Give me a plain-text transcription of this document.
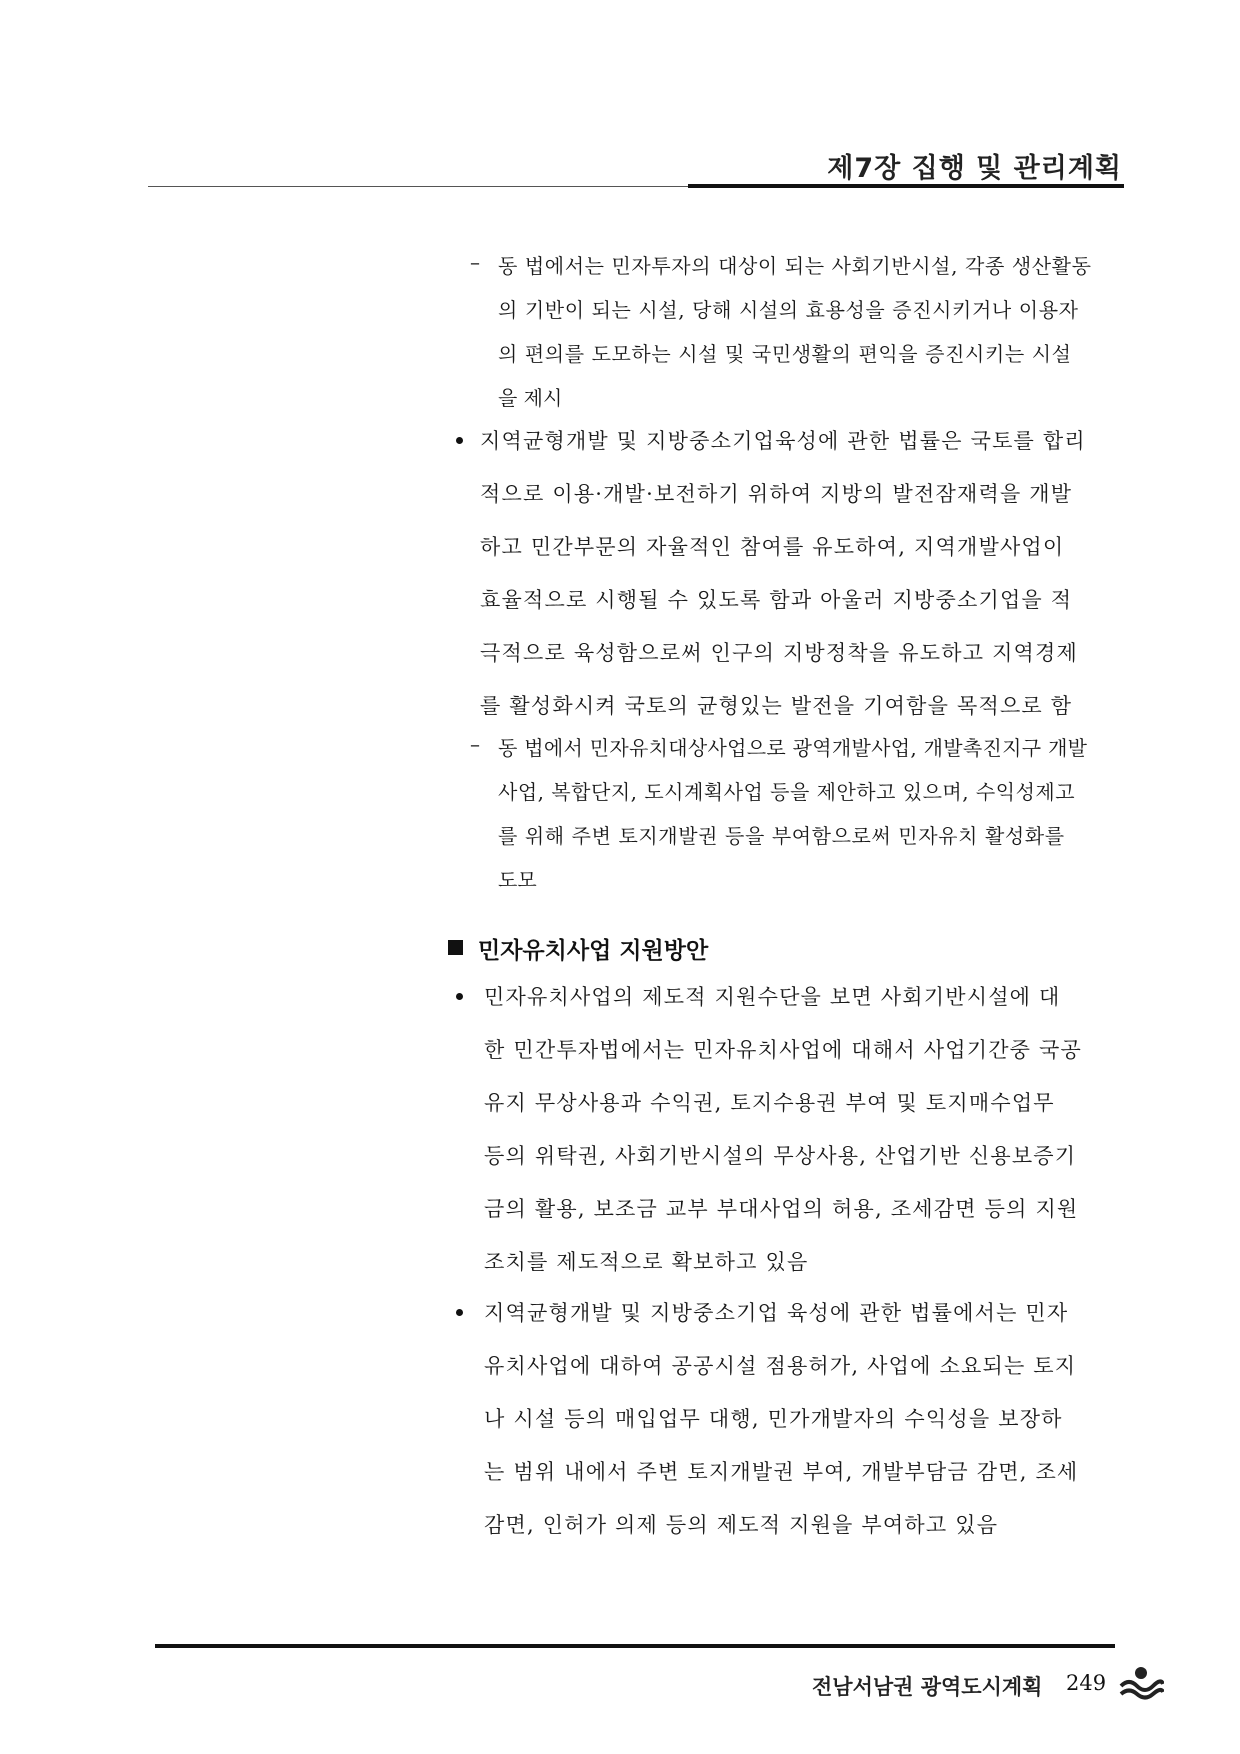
제7장 집행 및 관리계획
– 동 법에서는 민자투자의 대상이 되는 사회기반시설, 각종 생산활동
의 기반이 되는 시설, 당해 시설의 효용성을 증진시키거나 이용자
의 편의를 도모하는 시설 및 국민생활의 편익을 증진시키는 시설
을 제시
지역균형개발 및 지방중소기업육성에 관한 법률은 국토를 합리
적으로 이용·개발·보전하기 위하여 지방의 발전잠재력을 개발
하고 민간부문의 자율적인 참여를 유도하여, 지역개발사업이
효율적으로 시행될 수 있도록 함과 아울러 지방중소기업을 적
극적으로 육성함으로써 인구의 지방정착을 유도하고 지역경제
를 활성화시켜 국토의 균형있는 발전을 기여함을 목적으로 함
– 동 법에서 민자유치대상사업으로 광역개발사업, 개발촉진지구 개발
사업, 복합단지, 도시계획사업 등을 제안하고 있으며, 수익성제고
를 위해 주변 토지개발권 등을 부여함으로써 민자유치 활성화를
도모
민자유치사업 지원방안
민자유치사업의 제도적 지원수단을 보면 사회기반시설에 대
한 민간투자법에서는 민자유치사업에 대해서 사업기간중 국공
유지 무상사용과 수익권, 토지수용권 부여 및 토지매수업무
등의 위탁권, 사회기반시설의 무상사용, 산업기반 신용보증기
금의 활용, 보조금 교부 부대사업의 허용, 조세감면 등의 지원
조치를 제도적으로 확보하고 있음
지역균형개발 및 지방중소기업 육성에 관한 법률에서는 민자
유치사업에 대하여 공공시설 점용허가, 사업에 소요되는 토지
나 시설 등의 매입업무 대행, 민가개발자의 수익성을 보장하
는 범위 내에서 주변 토지개발권 부여, 개발부담금 감면, 조세
감면, 인허가 의제 등의 제도적 지원을 부여하고 있음
전남서남권 광역도시계획 249
